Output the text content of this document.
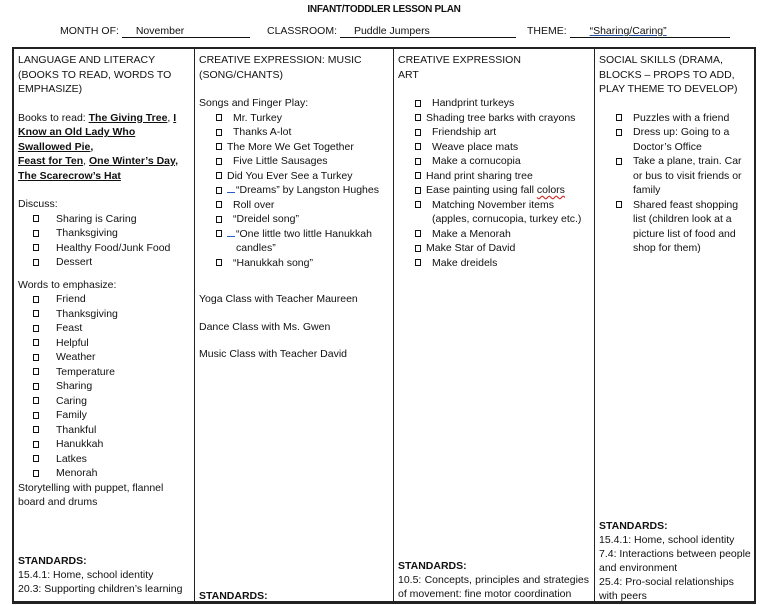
INFANT/TODDLER LESSON PLAN
MONTH OF: November	CLASSROOM: Puddle Jumpers	THEME: “Sharing/Caring”
LANGUAGE AND LITERACY (BOOKS TO READ, WORDS TO EMPHASIZE)
Books to read: The Giving Tree, I Know an Old Lady Who Swallowed Pie,
Feast for Ten, One Winter’s Day,
The Scarecrow’s Hat
Discuss:
Sharing is Caring
Thanksgiving
Healthy Food/Junk Food
Dessert
Words to emphasize:
Friend
Thanksgiving
Feast
Helpful
Weather
Temperature
Sharing
Caring
Family
Thankful
Hanukkah
Latkes
Menorah
Storytelling with puppet, flannel board and drums
STANDARDS:
15.4.1: Home, school identity
20.3: Supporting children’s learning
CREATIVE EXPRESSION: MUSIC (SONG/CHANTS)
Songs and Finger Play:
Mr. Turkey
Thanks A-lot
The More We Get Together
Five Little Sausages
Did You Ever See a Turkey
“Dreams” by Langston Hughes
Roll over
“Dreidel song”
“One little two little Hanukkah candles”
“Hanukkah song”
Yoga Class with Teacher Maureen
Dance Class with Ms. Gwen
Music Class with Teacher David
STANDARDS:
CREATIVE EXPRESSION
ART
Handprint turkeys
Shading tree barks with crayons
Friendship art
Weave place mats
Make a cornucopia
Hand print sharing tree
Ease painting using fall colors
Matching November items (apples, cornucopia, turkey etc.)
Make a Menorah
Make Star of David
Make dreidels
STANDARDS:
10.5: Concepts, principles and strategies of movement: fine motor coordination
SOCIAL SKILLS (DRAMA, BLOCKS – PROPS TO ADD, PLAY THEME TO DEVELOP)
Puzzles with a friend
Dress up: Going to a Doctor’s Office
Take a plane, train. Car or bus to visit friends or family
Shared feast shopping list (children look at a picture list of food and shop for them)
STANDARDS:
15.4.1: Home, school identity
7.4: Interactions between people and environment
25.4: Pro-social relationships with peers
